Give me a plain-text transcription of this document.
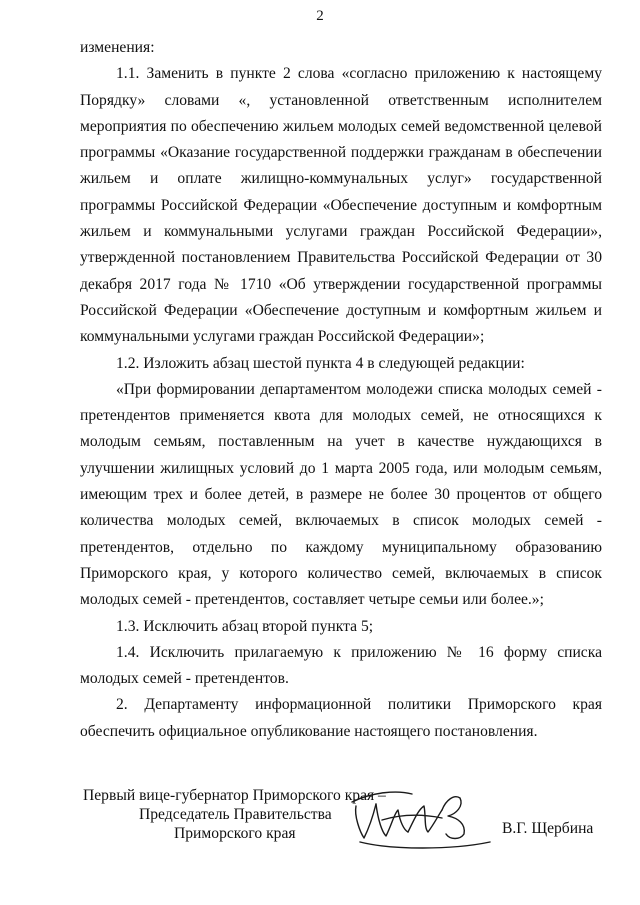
2

изменения:

1.1. Заменить в пункте 2 слова «согласно приложению к настоящему Порядку» словами «, установленной ответственным исполнителем мероприятия по обеспечению жильем молодых семей ведомственной целевой программы «Оказание государственной поддержки гражданам в обеспечении жильем и оплате жилищно-коммунальных услуг» государственной программы Российской Федерации «Обеспечение доступным и комфортным жильем и коммунальными услугами граждан Российской Федерации», утвержденной постановлением Правительства Российской Федерации от 30 декабря 2017 года № 1710 «Об утверждении государственной программы Российской Федерации «Обеспечение доступным и комфортным жильем и коммунальными услугами граждан Российской Федерации»;

1.2. Изложить абзац шестой пункта 4 в следующей редакции:

«При формировании департаментом молодежи списка молодых семей - претендентов применяется квота для молодых семей, не относящихся к молодым семьям, поставленным на учет в качестве нуждающихся в улучшении жилищных условий до 1 марта 2005 года, или молодым семьям, имеющим трех и более детей, в размере не более 30 процентов от общего количества молодых семей, включаемых в список молодых семей - претендентов, отдельно по каждому муниципальному образованию Приморского края, у которого количество семей, включаемых в список молодых семей - претендентов, составляет четыре семьи или более.»;

1.3. Исключить абзац второй пункта 5;

1.4. Исключить прилагаемую к приложению № 16 форму списка молодых семей - претендентов.

2. Департаменту информационной политики Приморского края обеспечить официальное опубликование настоящего постановления.

Первый вице-губернатор Приморского края –
Председатель Правительства
Приморского края	В.Г. Щербина
